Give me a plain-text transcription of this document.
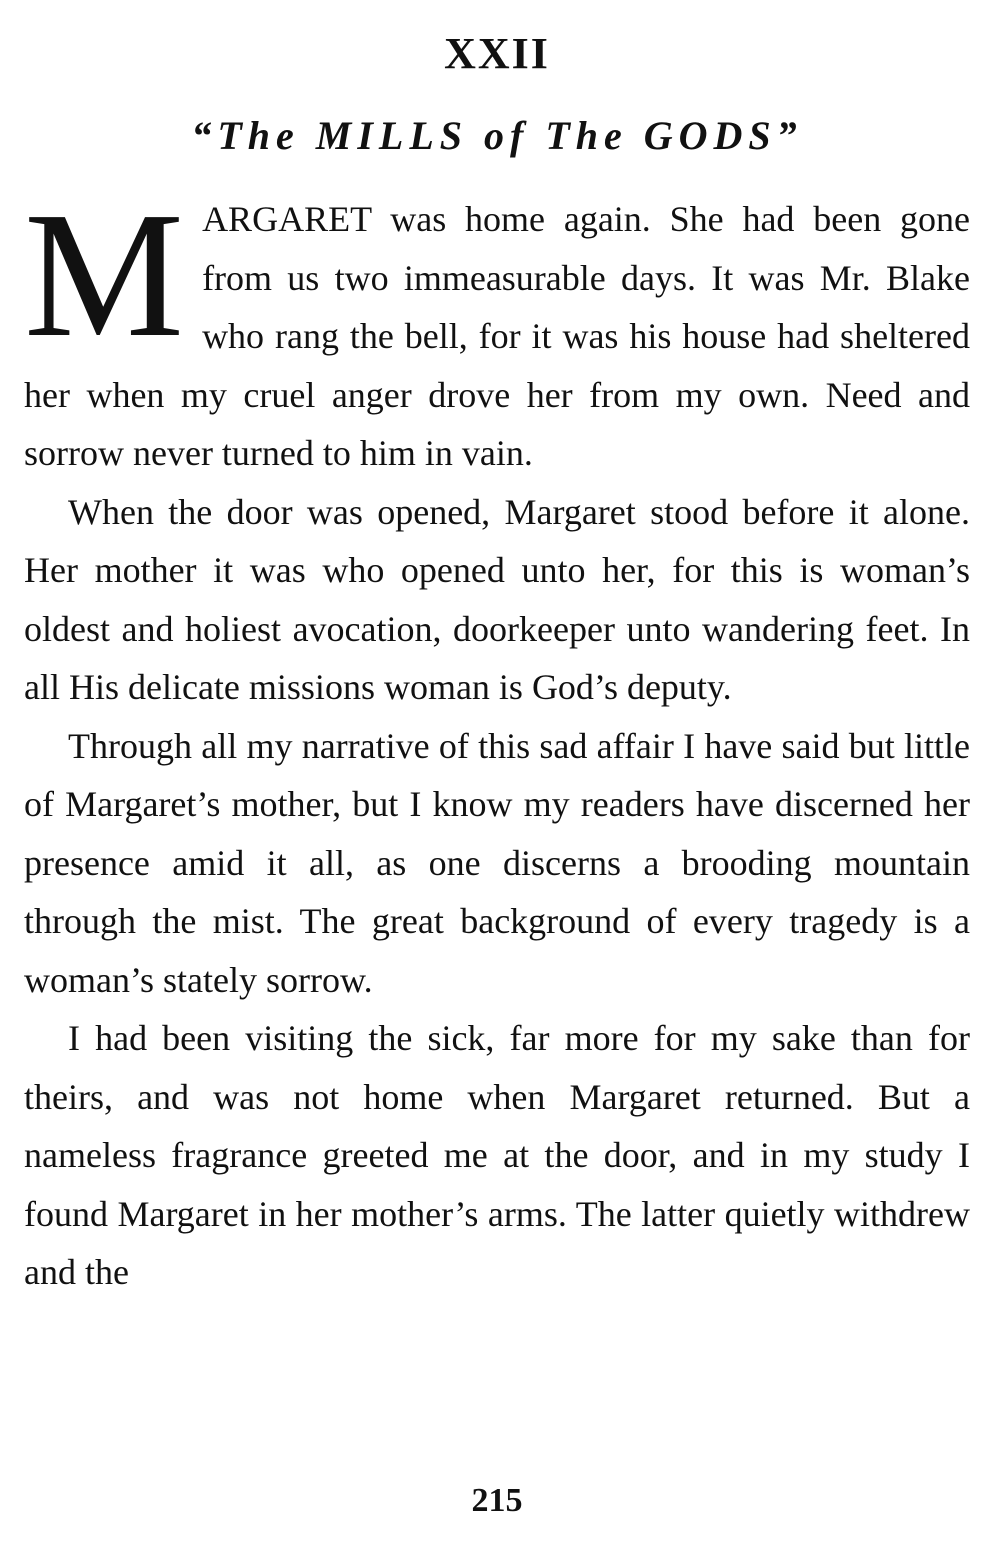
XXII
“The MILLS of The GODS”

MARGARET was home again. She had been gone from us two immeasurable days. It was Mr. Blake who rang the bell, for it was his house had sheltered her when my cruel anger drove her from my own. Need and sorrow never turned to him in vain.

When the door was opened, Margaret stood before it alone. Her mother it was who opened unto her, for this is woman’s oldest and holiest avocation, doorkeeper unto wandering feet. In all His delicate missions woman is God’s deputy.

Through all my narrative of this sad affair I have said but little of Margaret’s mother, but I know my readers have discerned her presence amid it all, as one discerns a brooding mountain through the mist. The great background of every tragedy is a woman’s stately sorrow.

I had been visiting the sick, far more for my sake than for theirs, and was not home when Margaret returned. But a nameless fragrance greeted me at the door, and in my study I found Margaret in her mother’s arms. The latter quietly withdrew and the

215
